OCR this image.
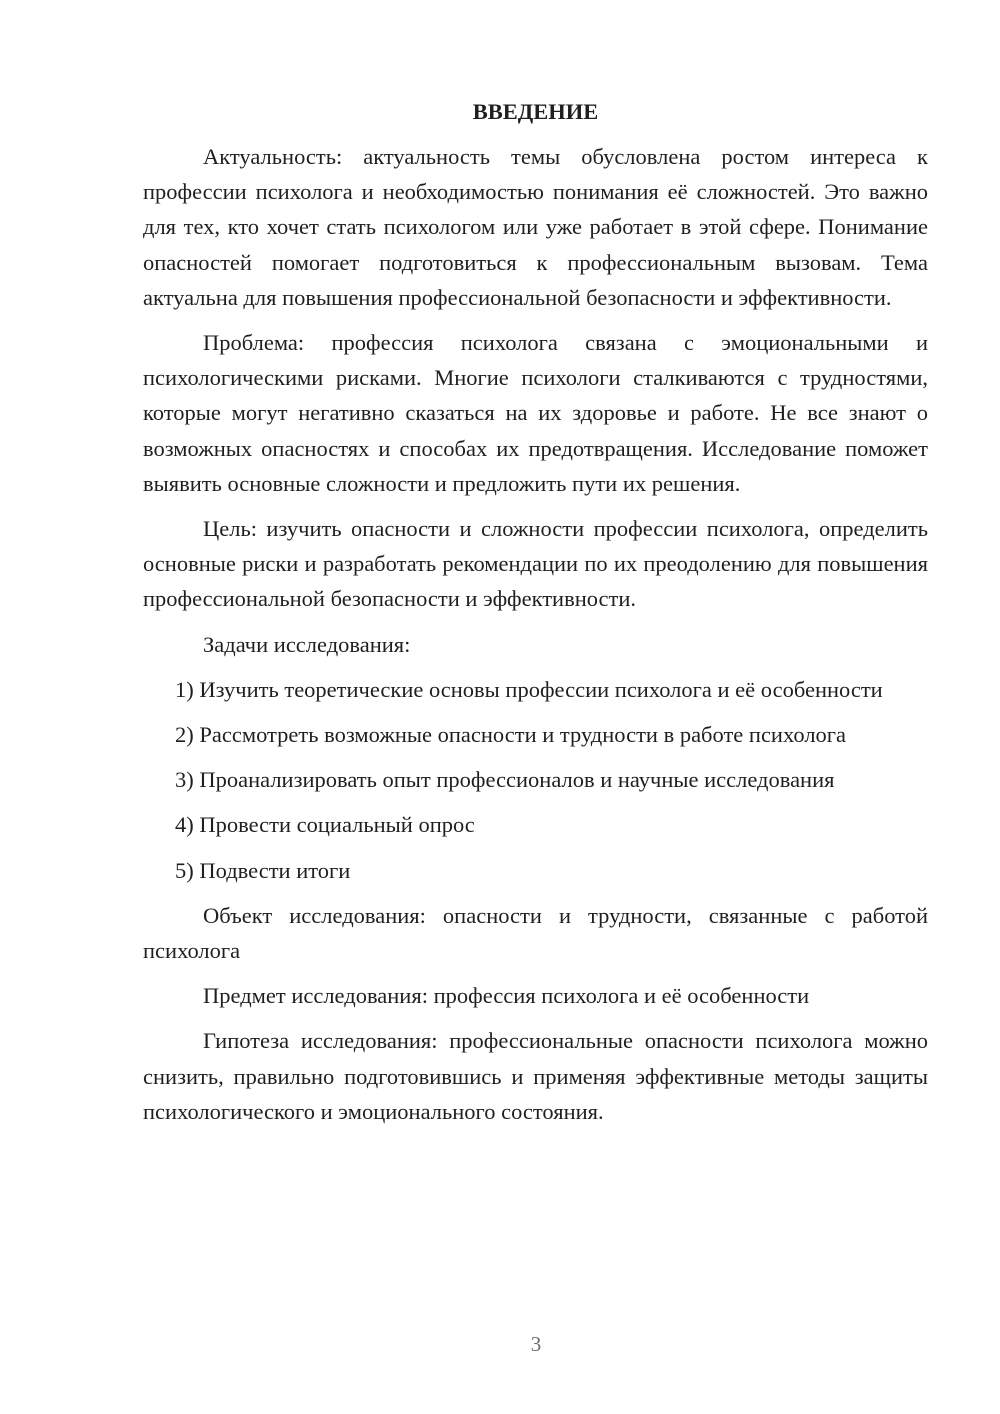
ВВЕДЕНИЕ

Актуальность: актуальность темы обусловлена ростом интереса к профессии психолога и необходимостью понимания её сложностей. Это важно для тех, кто хочет стать психологом или уже работает в этой сфере. Понимание опасностей помогает подготовиться к профессиональным вызовам. Тема актуальна для повышения профессиональной безопасности и эффективности.

Проблема: профессия психолога связана с эмоциональными и психологическими рисками. Многие психологи сталкиваются с трудностями, которые могут негативно сказаться на их здоровье и работе. Не все знают о возможных опасностях и способах их предотвращения. Исследование поможет выявить основные сложности и предложить пути их решения.

Цель: изучить опасности и сложности профессии психолога, определить основные риски и разработать рекомендации по их преодолению для повышения профессиональной безопасности и эффективности.

Задачи исследования:

1) Изучить теоретические основы профессии психолога и её особенности

2) Рассмотреть возможные опасности и трудности в работе психолога

3) Проанализировать опыт профессионалов и научные исследования

4) Провести социальный опрос

5) Подвести итоги

Объект исследования: опасности и трудности, связанные с работой психолога

Предмет исследования: профессия психолога и её особенности

Гипотеза исследования: профессиональные опасности психолога можно снизить, правильно подготовившись и применяя эффективные методы защиты психологического и эмоционального состояния.

3
